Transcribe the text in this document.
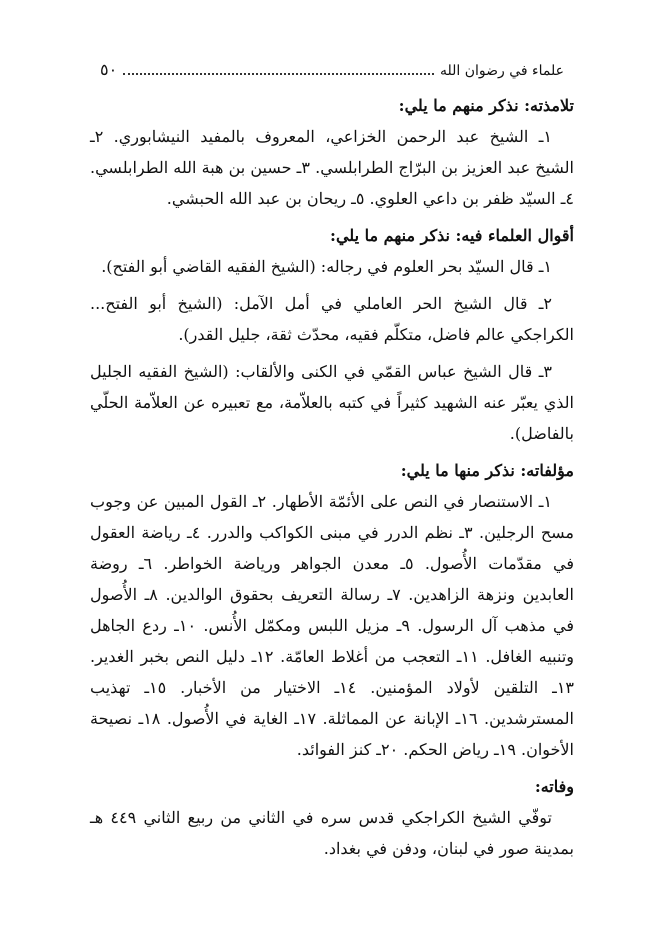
علماء في رضوان الله
٥٠

تلامذته: نذكر منهم ما يلي:

١ـ الشيخ عبد الرحمن الخزاعي، المعروف بالمفيد النيشابوري. ٢ـ الشيخ عبد العزيز بن البرّاج الطرابلسي. ٣ـ حسين بن هبة الله الطرابلسي. ٤ـ السيّد ظفر بن داعي العلوي. ٥ـ ريحان بن عبد الله الحبشي.

أقوال العلماء فيه: نذكر منهم ما يلي:

١ـ قال السيّد بحر العلوم في رجاله: (الشيخ الفقيه القاضي أبو الفتح).

٢ـ قال الشيخ الحر العاملي في أمل الآمل: (الشيخ أبو الفتح... الكراجكي عالم فاضل، متكلّم فقيه، محدّث ثقة، جليل القدر).

٣ـ قال الشيخ عباس القمّي في الكنى والألقاب: (الشيخ الفقيه الجليل الذي يعبّر عنه الشهيد كثيراً في كتبه بالعلاّمة، مع تعبيره عن العلاّمة الحلّي بالفاضل).

مؤلفاته: نذكر منها ما يلي:

١ـ الاستنصار في النص على الأئمّة الأطهار. ٢ـ القول المبين عن وجوب مسح الرجلين. ٣ـ نظم الدرر في مبنى الكواكب والدرر. ٤ـ رياضة العقول في مقدّمات الأُصول. ٥ـ معدن الجواهر ورياضة الخواطر. ٦ـ روضة العابدين ونزهة الزاهدين. ٧ـ رسالة التعريف بحقوق الوالدين. ٨ـ الأُصول في مذهب آل الرسول. ٩ـ مزيل اللبس ومكمّل الأُنس. ١٠ـ ردع الجاهل وتنبيه الغافل. ١١ـ التعجب من أغلاط العامّة. ١٢ـ دليل النص بخبر الغدير. ١٣ـ التلقين لأولاد المؤمنين. ١٤ـ الاختيار من الأخبار. ١٥ـ تهذيب المسترشدين. ١٦ـ الإبانة عن المماثلة. ١٧ـ الغاية في الأُصول. ١٨ـ نصيحة الأخوان. ١٩ـ رياض الحكم. ٢٠ـ كنز الفوائد.

وفاته:

توفّي الشيخ الكراجكي قدس سره في الثاني من ربيع الثاني ٤٤٩ هـ بمدينة صور في لبنان، ودفن في بغداد.
